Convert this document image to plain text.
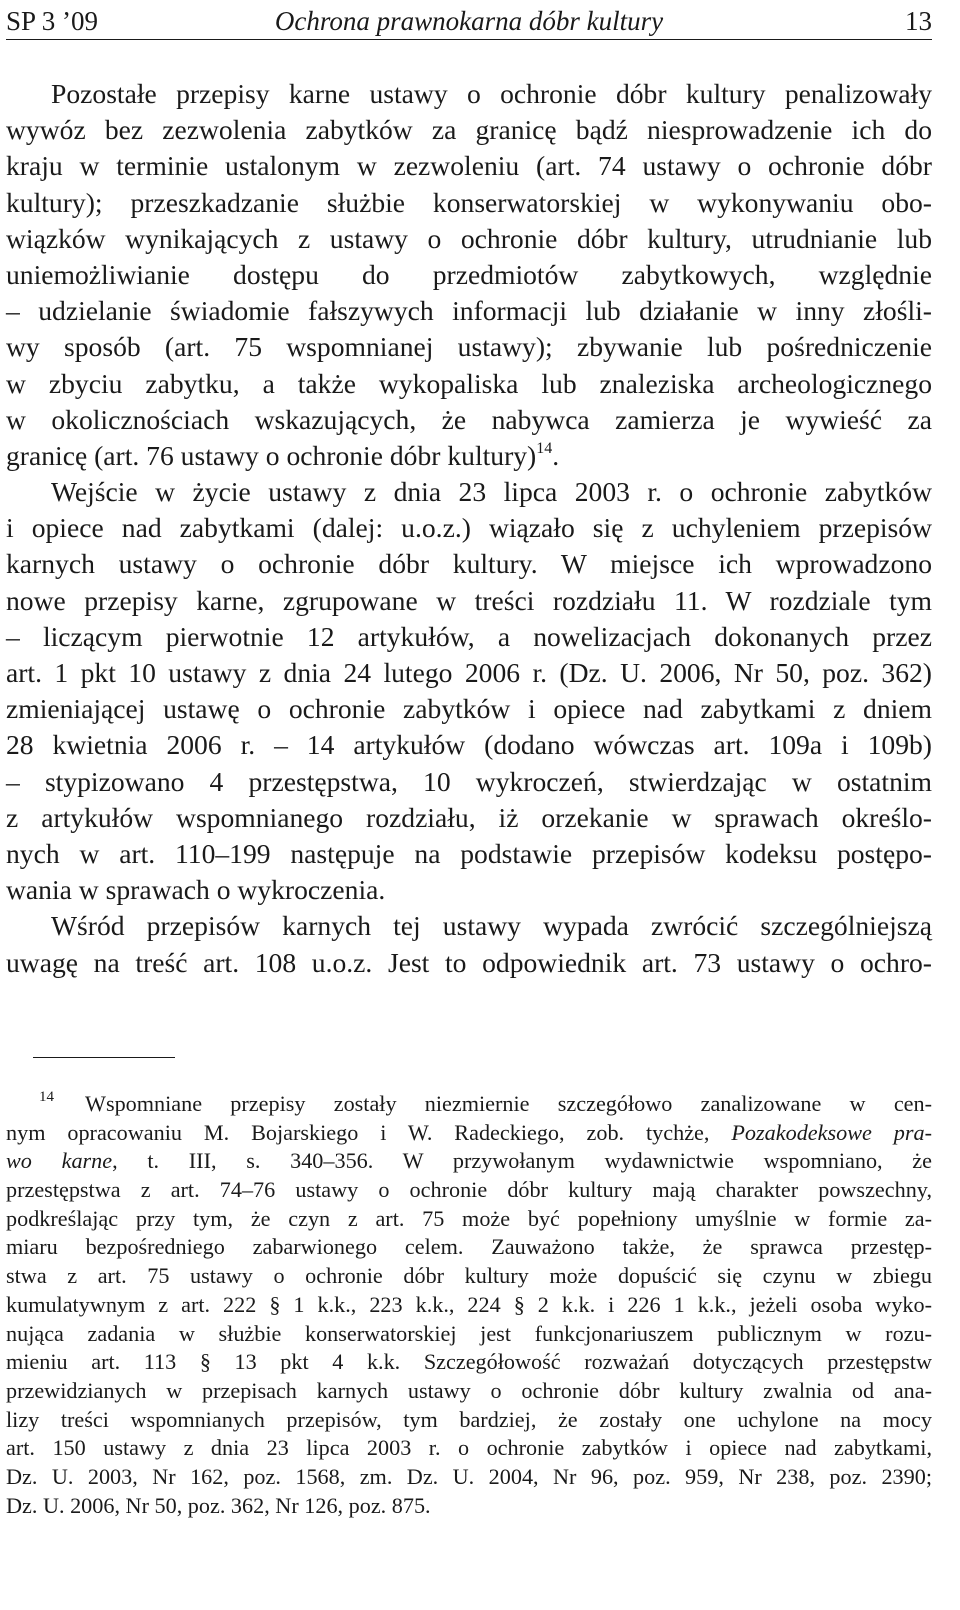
SP 3 ’09	Ochrona prawnokarna dóbr kultury	13
Pozostałe przepisy karne ustawy o ochronie dóbr kultury penalizowały
wywóz bez zezwolenia zabytków za granicę bądź niesprowadzenie ich do
kraju w terminie ustalonym w zezwoleniu (art. 74 ustawy o ochronie dóbr
kultury); przeszkadzanie służbie konserwatorskiej w wykonywaniu obo-
wiązków wynikających z ustawy o ochronie dóbr kultury, utrudnianie lub
uniemożliwianie dostępu do przedmiotów zabytkowych, względnie
– udzielanie świadomie fałszywych informacji lub działanie w inny złośli-
wy sposób (art. 75 wspomnianej ustawy); zbywanie lub pośredniczenie
w zbyciu zabytku, a także wykopaliska lub znaleziska archeologicznego
w okolicznościach wskazujących, że nabywca zamierza je wywieść za
granicę (art. 76 ustawy o ochronie dóbr kultury)$^{14}$.
Wejście w życie ustawy z dnia 23 lipca 2003 r. o ochronie zabytków
i opiece nad zabytkami (dalej: u.o.z.) wiązało się z uchyleniem przepisów
karnych ustawy o ochronie dóbr kultury. W miejsce ich wprowadzono
nowe przepisy karne, zgrupowane w treści rozdziału 11. W rozdziale tym
– liczącym pierwotnie 12 artykułów, a nowelizacjach dokonanych przez
art. 1 pkt 10 ustawy z dnia 24 lutego 2006 r. (Dz. U. 2006, Nr 50, poz. 362)
zmieniającej ustawę o ochronie zabytków i opiece nad zabytkami z dniem
28 kwietnia 2006 r. – 14 artykułów (dodano wówczas art. 109a i 109b)
– stypizowano 4 przestępstwa, 10 wykroczeń, stwierdzając w ostatnim
z artykułów wspomnianego rozdziału, iż orzekanie w sprawach określo-
nych w art. 110–199 następuje na podstawie przepisów kodeksu postępo-
wania w sprawach o wykroczenia.
Wśród przepisów karnych tej ustawy wypada zwrócić szczególniejszą
uwagę na treść art. 108 u.o.z. Jest to odpowiednik art. 73 ustawy o ochro-
14 Wspomniane przepisy zostały niezmiernie szczegółowo zanalizowane w cen-
nym opracowaniu M. Bojarskiego i W. Radeckiego, zob. tychże, Pozakodeksowe pra-
wo karne, t. III, s. 340–356. W przywołanym wydawnictwie wspomniano, że
przestępstwa z art. 74–76 ustawy o ochronie dóbr kultury mają charakter powszechny,
podkreślając przy tym, że czyn z art. 75 może być popełniony umyślnie w formie za-
miaru bezpośredniego zabarwionego celem. Zauważono także, że sprawca przestęp-
stwa z art. 75 ustawy o ochronie dóbr kultury może dopuścić się czynu w zbiegu
kumulatywnym z art. 222 § 1 k.k., 223 k.k., 224 § 2 k.k. i 226 1 k.k., jeżeli osoba wyko-
nująca zadania w służbie konserwatorskiej jest funkcjonariuszem publicznym w rozu-
mieniu art. 113 § 13 pkt 4 k.k. Szczegółowość rozważań dotyczących przestępstw
przewidzianych w przepisach karnych ustawy o ochronie dóbr kultury zwalnia od ana-
lizy treści wspomnianych przepisów, tym bardziej, że zostały one uchylone na mocy
art. 150 ustawy z dnia 23 lipca 2003 r. o ochronie zabytków i opiece nad zabytkami,
Dz. U. 2003, Nr 162, poz. 1568, zm. Dz. U. 2004, Nr 96, poz. 959, Nr 238, poz. 2390;
Dz. U. 2006, Nr 50, poz. 362, Nr 126, poz. 875.
